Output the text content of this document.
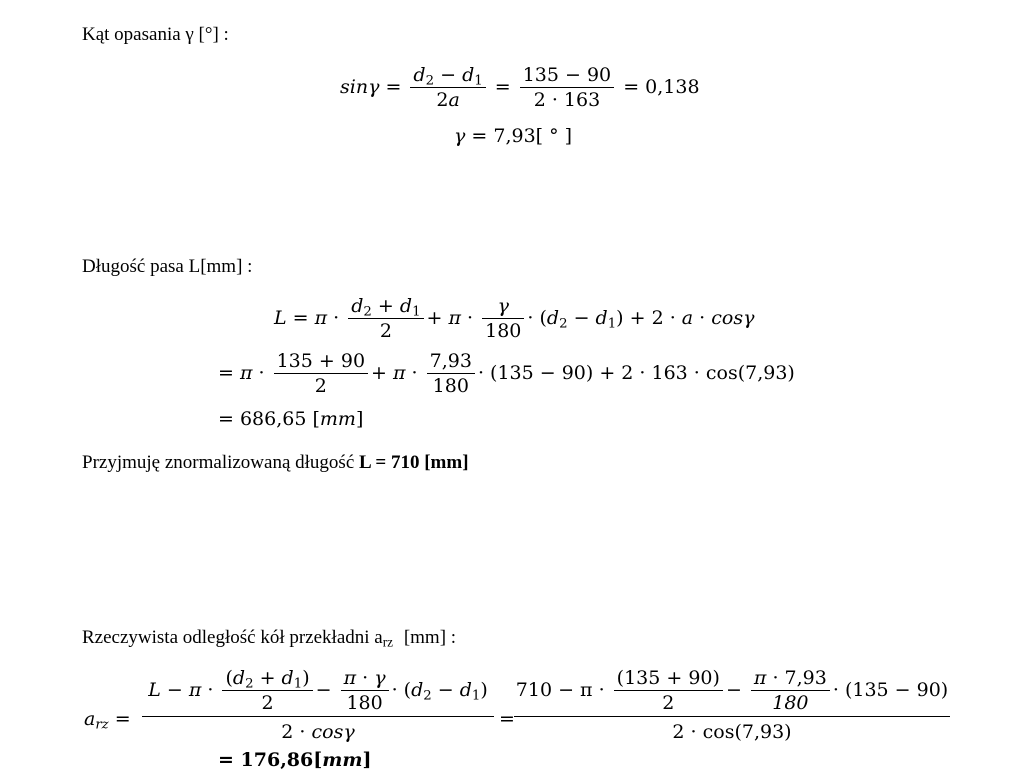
Kąt opasania γ [°] :
$\sin\gamma = \frac{d_2 - d_1}{2a} = \frac{135 - 90}{2 \cdot 163} = 0,138$
γ = 7,93[ ° ]
Długość pasa L[mm] :
$L = \pi \cdot \frac{d_2 + d_1}{2} + \pi \cdot \frac{\gamma}{180} \cdot (d_2 - d_1) + 2 \cdot a \cdot \cos\gamma$
= $\pi \cdot \frac{135 + 90}{2} + \pi \cdot \frac{7,93}{180} \cdot (135 - 90) + 2 \cdot 163 \cdot \cos(7,93)$
= 686,65 [mm]
Przyjmuję znormalizowaną długość L = 710 [mm]
Rzeczywista odległość kół przekładni $a_{rz}$ [mm] :
$a_{rz}$ =
$L - \pi \cdot \frac{(d_2 + d_1)}{2} - \frac{\pi \cdot \gamma}{180} \cdot (d_2 - d_1)$
2 · cosγ
=
$710 - \pi \cdot \frac{(135 + 90)}{2} - \frac{\pi \cdot 7,93}{180} \cdot (135 - 90)$
2 · cos(7,93)
= 176,86[mm]
